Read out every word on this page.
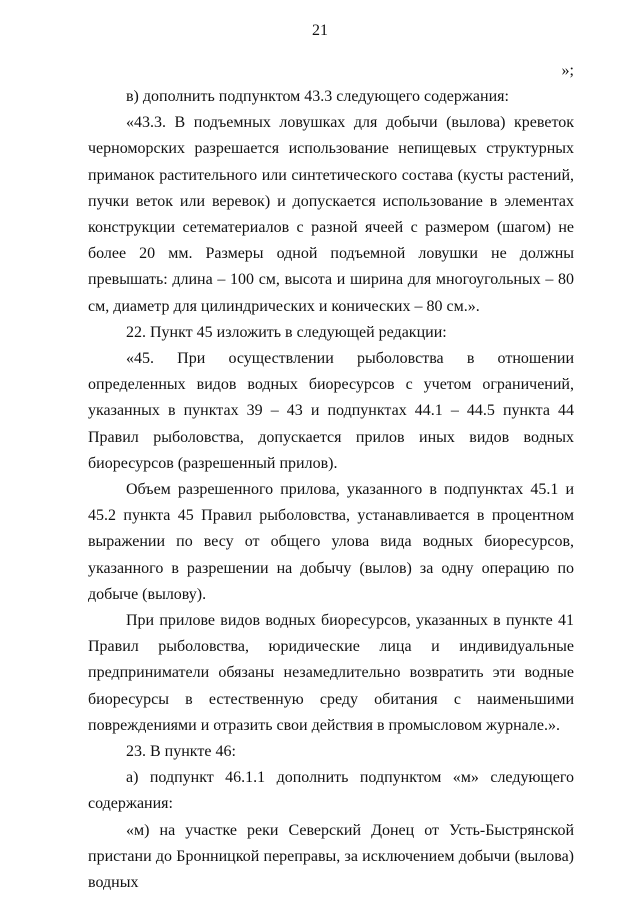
21
»;

в) дополнить подпунктом 43.3 следующего содержания:

«43.3. В подъемных ловушках для добычи (вылова) креветок черноморских разрешается использование непищевых структурных приманок растительного или синтетического состава (кусты растений, пучки веток или веревок) и допускается использование в элементах конструкции сетематериалов с разной ячеей с размером (шагом) не более 20 мм. Размеры одной подъемной ловушки не должны превышать: длина – 100 см, высота и ширина для многоугольных – 80 см, диаметр для цилиндрических и конических – 80 см.».

22. Пункт 45 изложить в следующей редакции:

«45. При осуществлении рыболовства в отношении определенных видов водных биоресурсов с учетом ограничений, указанных в пунктах 39 – 43 и подпунктах 44.1 – 44.5 пункта 44 Правил рыболовства, допускается прилов иных видов водных биоресурсов (разрешенный прилов).

Объем разрешенного прилова, указанного в подпунктах 45.1 и 45.2 пункта 45 Правил рыболовства, устанавливается в процентном выражении по весу от общего улова вида водных биоресурсов, указанного в разрешении на добычу (вылов) за одну операцию по добыче (вылову).

При прилове видов водных биоресурсов, указанных в пункте 41 Правил рыболовства, юридические лица и индивидуальные предприниматели обязаны незамедлительно возвратить эти водные биоресурсы в естественную среду обитания с наименьшими повреждениями и отразить свои действия в промысловом журнале.».

23. В пункте 46:

а) подпункт 46.1.1 дополнить подпунктом «м» следующего содержания:

«м) на участке реки Северский Донец от Усть-Быстрянской пристани до Бронницкой переправы, за исключением добычи (вылова) водных
